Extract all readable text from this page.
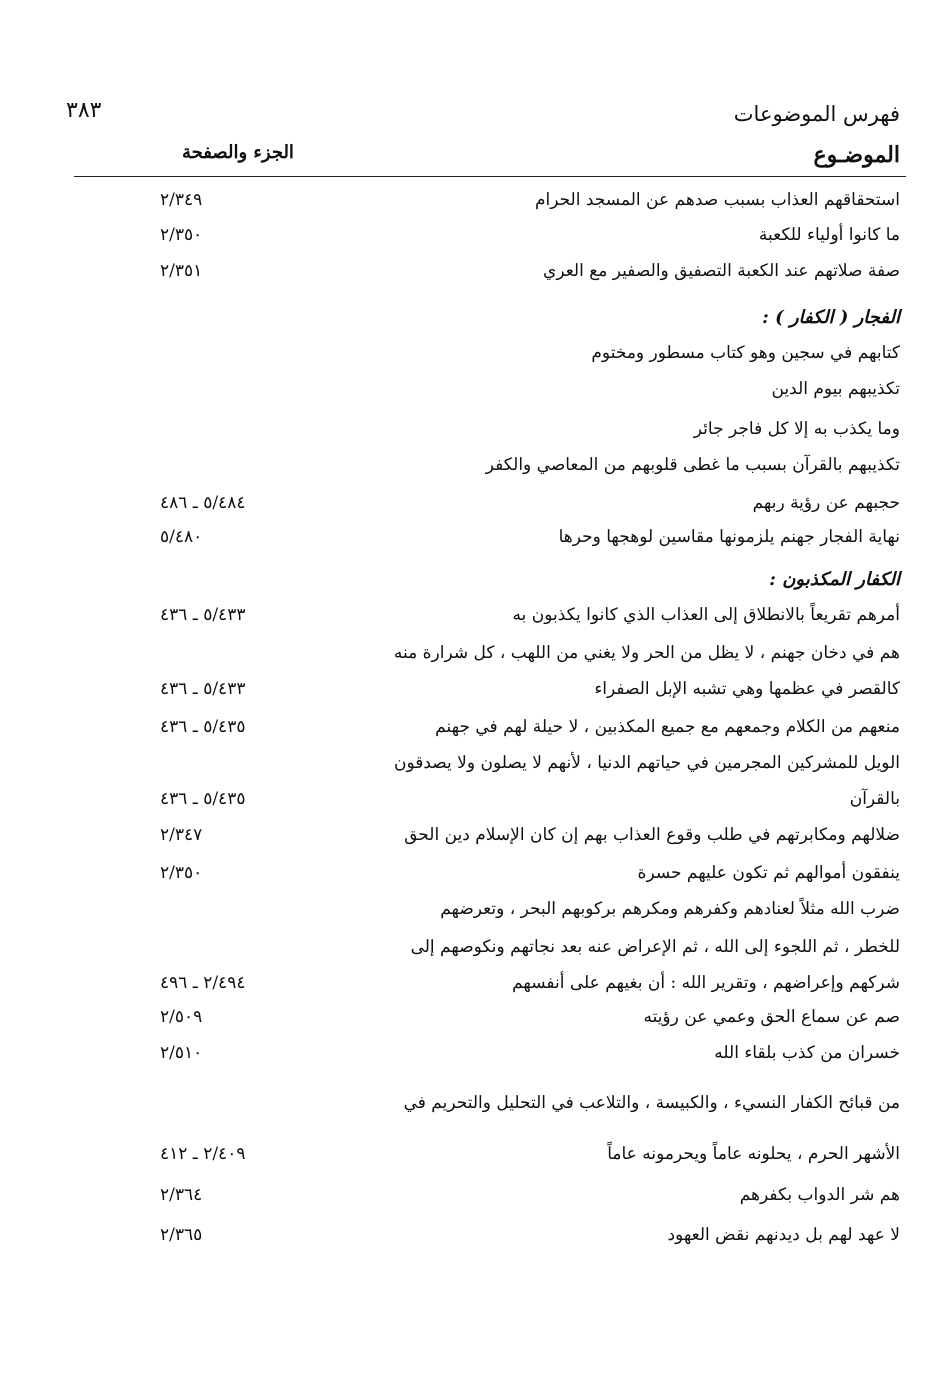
فهرس الموضوعات
٣٨٣
الموضـوع
الجزء والصفحة
استحقاقهم العذاب بسبب صدهم عن المسجد الحرام
٢/٣٤٩
ما كانوا أولياء للكعبة
٢/٣٥٠
صفة صلاتهم عند الكعبة التصفيق والصفير مع العري
٢/٣٥١
الفجار ( الكفار ) :
كتابهم في سجين وهو كتاب مسطور ومختوم
تكذيبهم بيوم الدين
وما يكذب به إلا كل فاجر جائر
تكذيبهم بالقرآن بسبب ما غطى قلوبهم من المعاصي والكفر
حجبهم عن رؤية ربهم
٥/٤٨٤ ـ ٤٨٦
نهاية الفجار جهنم يلزمونها مقاسين لوهجها وحرها
٥/٤٨٠
الكفار المكذبون :
أمرهم تقريعاً بالانطلاق إلى العذاب الذي كانوا يكذبون به
٥/٤٣٣ ـ ٤٣٦
هم في دخان جهنم ، لا يظل من الحر ولا يغني من اللهب ، كل شرارة منه
كالقصر في عظمها وهي تشبه الإبل الصفراء
٥/٤٣٣ ـ ٤٣٦
منعهم من الكلام وجمعهم مع جميع المكذبين ، لا حيلة لهم في جهنم
٥/٤٣٥ ـ ٤٣٦
الويل للمشركين المجرمين في حياتهم الدنيا ، لأنهم لا يصلون ولا يصدقون
بالقرآن
٥/٤٣٥ ـ ٤٣٦
ضلالهم ومكابرتهم في طلب وقوع العذاب بهم إن كان الإسلام دين الحق
٢/٣٤٧
ينفقون أموالهم ثم تكون عليهم حسرة
٢/٣٥٠
ضرب الله مثلاً لعنادهم وكفرهم ومكرهم بركوبهم البحر ، وتعرضهم
للخطر ، ثم اللجوء إلى الله ، ثم الإعراض عنه بعد نجاتهم ونكوصهم إلى
شركهم وإعراضهم ، وتقرير الله : أن بغيهم على أنفسهم
٢/٤٩٤ ـ ٤٩٦
صم عن سماع الحق وعمي عن رؤيته
٢/٥٠٩
خسران من كذب بلقاء الله
٢/٥١٠
من قبائح الكفار النسيء ، والكبيسة ، والتلاعب في التحليل والتحريم في
الأشهر الحرم ، يحلونه عاماً ويحرمونه عاماً
٢/٤٠٩ ـ ٤١٢
هم شر الدواب بكفرهم
٢/٣٦٤
لا عهد لهم بل ديدنهم نقض العهود
٢/٣٦٥
